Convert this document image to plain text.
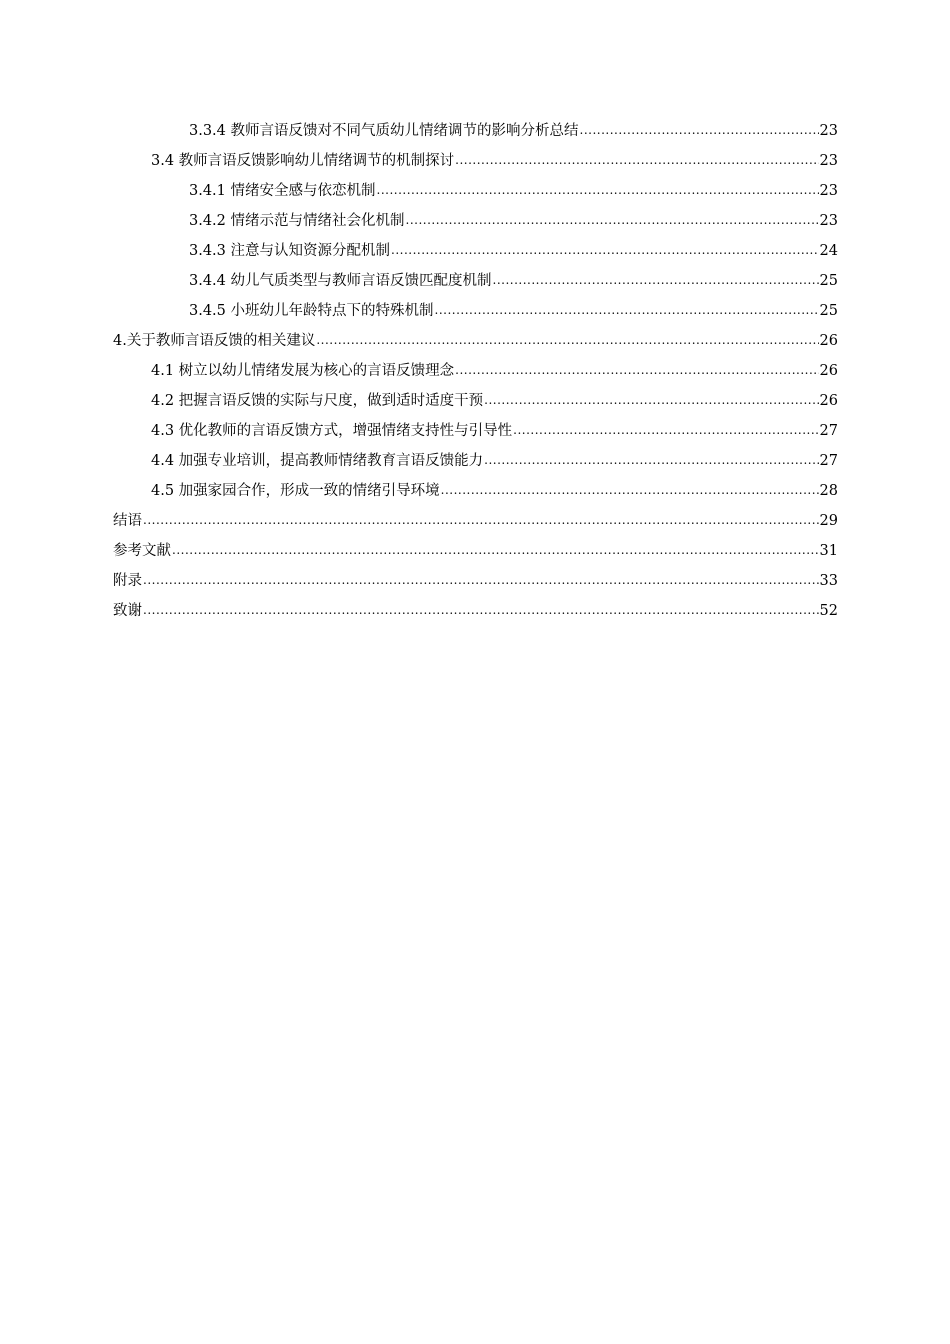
3.3.4 教师言语反馈对不同气质幼儿情绪调节的影响分析总结 .....	23
3.4 教师言语反馈影响幼儿情绪调节的机制探讨 .....	23
3.4.1 情绪安全感与依恋机制 .....	23
3.4.2 情绪示范与情绪社会化机制 .....	23
3.4.3 注意与认知资源分配机制 .....	24
3.4.4 幼儿气质类型与教师言语反馈匹配度机制 .....	25
3.4.5 小班幼儿年龄特点下的特殊机制 .....	25
4.关于教师言语反馈的相关建议 .....	26
4.1 树立以幼儿情绪发展为核心的言语反馈理念 .....	26
4.2 把握言语反馈的实际与尺度，做到适时适度干预 .....	26
4.3 优化教师的言语反馈方式，增强情绪支持性与引导性 .....	27
4.4 加强专业培训，提高教师情绪教育言语反馈能力 .....	27
4.5 加强家园合作，形成一致的情绪引导环境 .....	28
结语 .....	29
参考文献 .....	31
附录 .....	33
致谢 .....	52
